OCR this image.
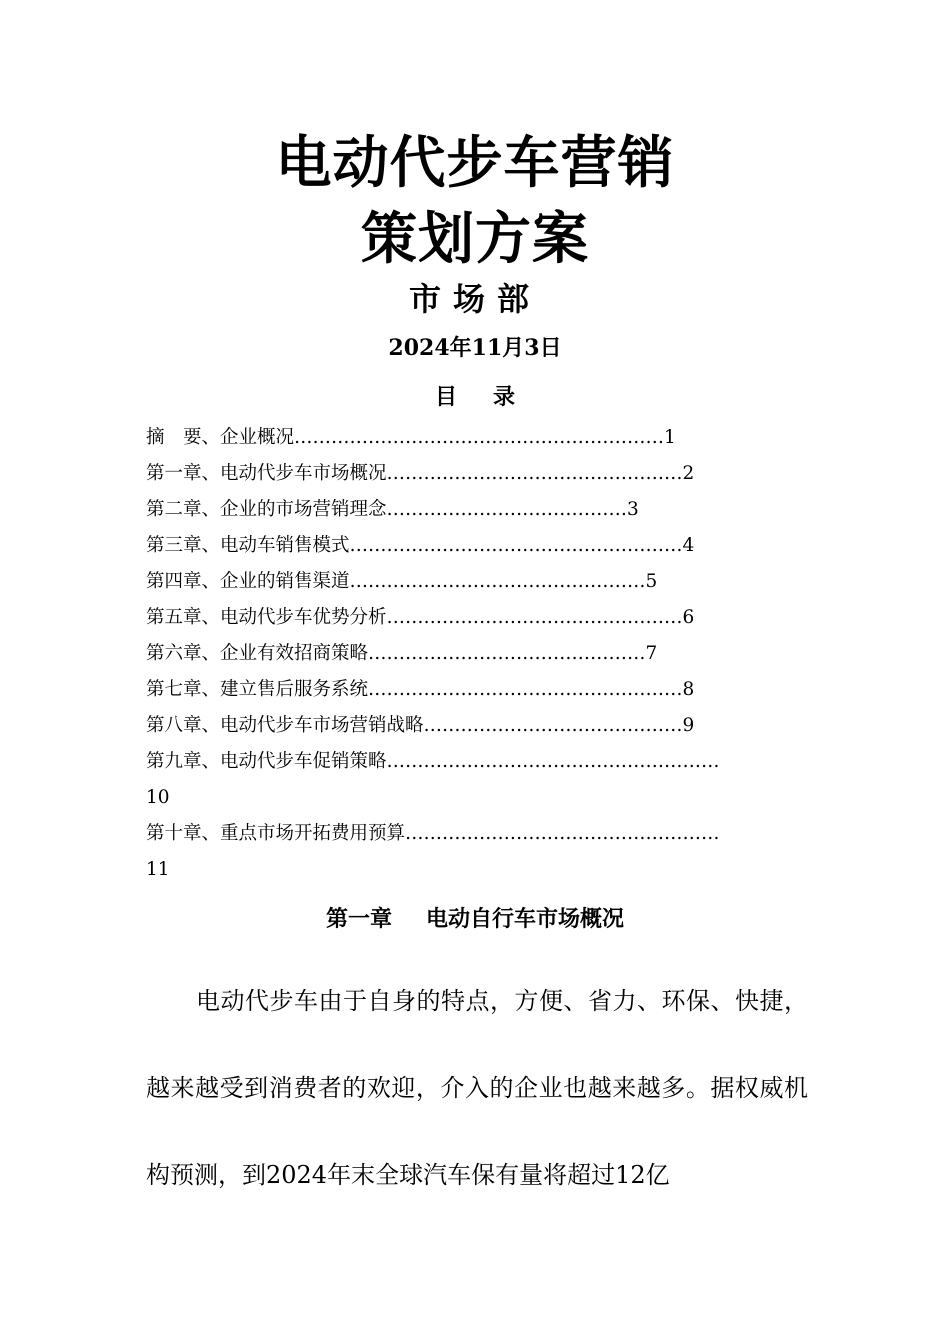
电动代步车营销
策划方案
市场部
2024年11月3日
目录
摘　要、企业概况……………………………………………………1
第一章、电动代步车市场概况…………………………………………2
第二章、企业的市场营销理念…………………………………3
第三章、电动车销售模式………………………………………………4
第四章、企业的销售渠道…………………………………………5
第五章、电动代步车优势分析…………………………………………6
第六章、企业有效招商策略………………………………………7
第七章、建立售后服务系统……………………………………………8
第八章、电动代步车市场营销战略……………………………………9
第九章、电动代步车促销策略………………………………………………
10
第十章、重点市场开拓费用预算……………………………………………
11
第一章 电动自行车市场概况
电动代步车由于自身的特点，方便、省力、环保、快捷，越来越受到消费者的欢迎，介入的企业也越来越多。据权威机构预测，到2024年末全球汽车保有量将超过12亿
